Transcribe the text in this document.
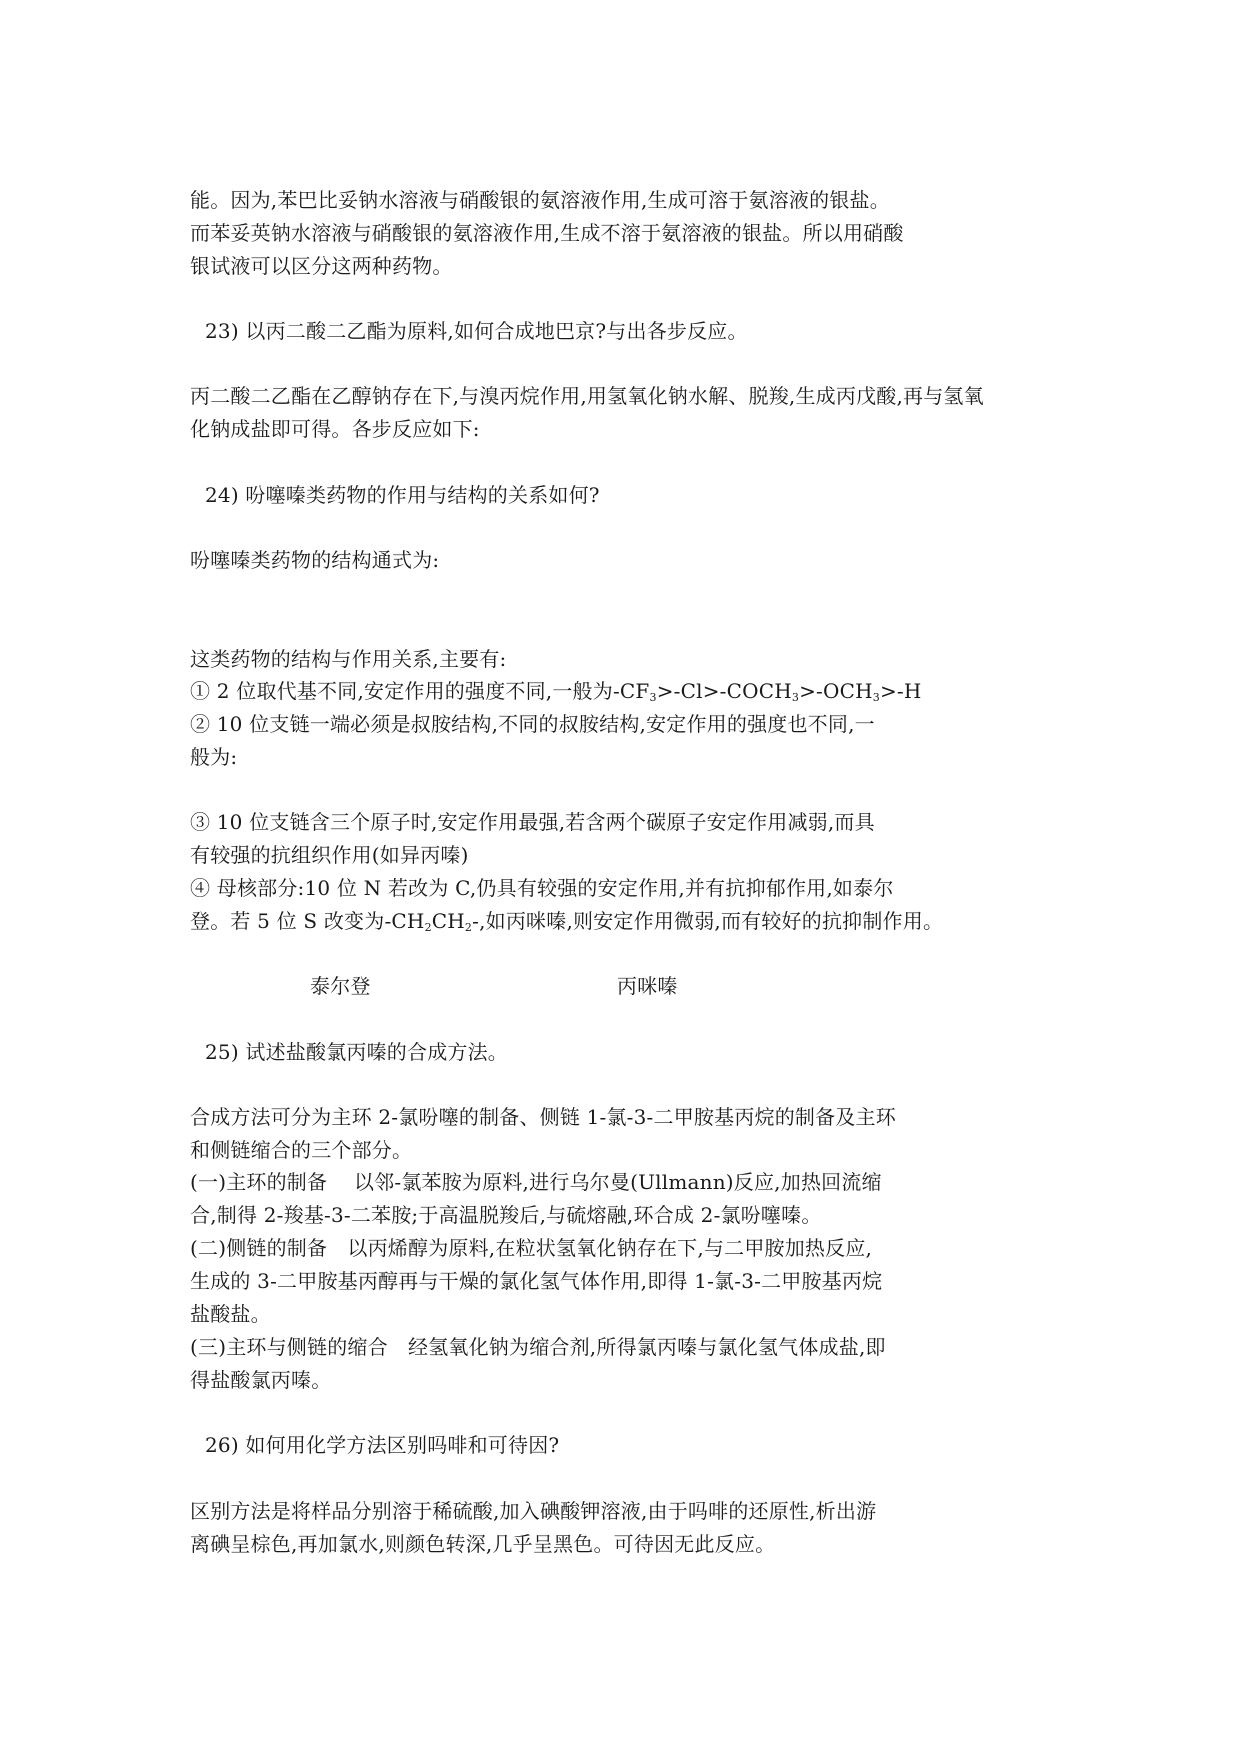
能。因为,苯巴比妥钠水溶液与硝酸银的氨溶液作用,生成可溶于氨溶液的银盐。
而苯妥英钠水溶液与硝酸银的氨溶液作用,生成不溶于氨溶液的银盐。所以用硝酸
银试液可以区分这两种药物。
23) 以丙二酸二乙酯为原料,如何合成地巴京?与出各步反应。
丙二酸二乙酯在乙醇钠存在下,与溴丙烷作用,用氢氧化钠水解、脱羧,生成丙戊酸,再与氢氧
化钠成盐即可得。各步反应如下:
24) 吩噻嗪类药物的作用与结构的关系如何?
吩噻嗪类药物的结构通式为:
这类药物的结构与作用关系,主要有:
① 2 位取代基不同,安定作用的强度不同,一般为$-CF_3>-Cl>-COCH_3>-OCH_3>-H$
② 10 位支链一端必须是叔胺结构,不同的叔胺结构,安定作用的强度也不同,一
般为:
③ 10 位支链含三个原子时,安定作用最强,若含两个碳原子安定作用减弱,而具
有较强的抗组织作用(如异丙嗪)
④ 母核部分:10 位 N 若改为 C,仍具有较强的安定作用,并有抗抑郁作用,如泰尔
登。若 5 位 S 改变为$-CH_2CH_2-$,如丙咪嗪,则安定作用微弱,而有较好的抗抑制作用。
泰尔登	丙咪嗪
25) 试述盐酸氯丙嗪的合成方法。
合成方法可分为主环 2-氯吩噻的制备、侧链 1-氯-3-二甲胺基丙烷的制备及主环
和侧链缩合的三个部分。
(一)主环的制备　 以邻-氯苯胺为原料,进行乌尔曼(Ullmann)反应,加热回流缩
合,制得 2-羧基-3-二苯胺;于高温脱羧后,与硫熔融,环合成 2-氯吩噻嗪。
(二)侧链的制备　以丙烯醇为原料,在粒状氢氧化钠存在下,与二甲胺加热反应,
生成的 3-二甲胺基丙醇再与干燥的氯化氢气体作用,即得 1-氯-3-二甲胺基丙烷
盐酸盐。
(三)主环与侧链的缩合　经氢氧化钠为缩合剂,所得氯丙嗪与氯化氢气体成盐,即
得盐酸氯丙嗪。
26) 如何用化学方法区别吗啡和可待因?
区别方法是将样品分别溶于稀硫酸,加入碘酸钾溶液,由于吗啡的还原性,析出游
离碘呈棕色,再加氯水,则颜色转深,几乎呈黑色。可待因无此反应。
